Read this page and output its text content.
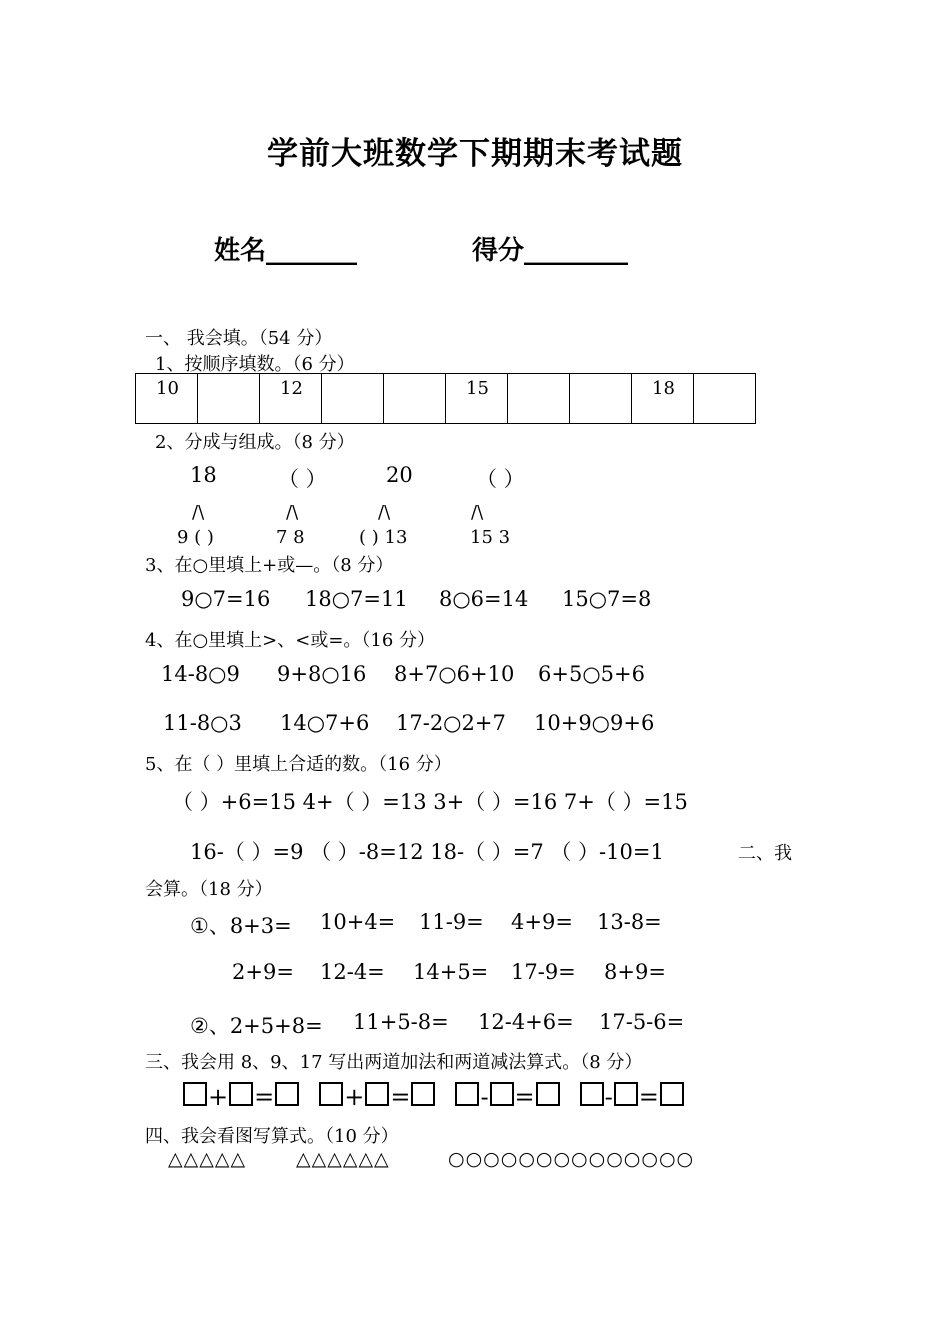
学前大班数学下期期末考试题
姓名_______	得分________
一、 我会填。（54 分）
1、按顺序填数。（6 分）
10		12			15			18

2、分成与组成。（8 分）
18	（ ）	20	（ ）
/\	/\	/\	/\
9 ( )	7 8	( ) 13	15 3
3、在○里填上+或—。（8 分）
9○7=16 18○7=11 8○6=14 15○7=8
4、在○里填上>、<或=。（16 分）
14-8○9 9+8○16 8+7○6+10 6+5○5+6
11-8○3 14○7+6 17-2○2+7 10+9○9+6
5、在（ ）里填上合适的数。（16 分）
（ ）+6=15 4+（ ）=13 3+（ ）=16 7+（ ）=15
16-（ ）=9 （ ）-8=12 18-（ ）=7 （ ）-10=1	二、我
会算。（18 分）
①、8+3= 10+4= 11-9= 4+9= 13-8=
2+9= 12-4= 14+5= 17-9= 8+9=
②、2+5+8= 11+5-8= 12-4+6= 17-5-6=
三、我会用 8、9、17 写出两道加法和两道减法算式。（8 分）
+ =	+ =	- =	- =
四、我会看图写算式。（10 分）
△△△△△	△△△△△△	○○○○○○○○○○○○○○
